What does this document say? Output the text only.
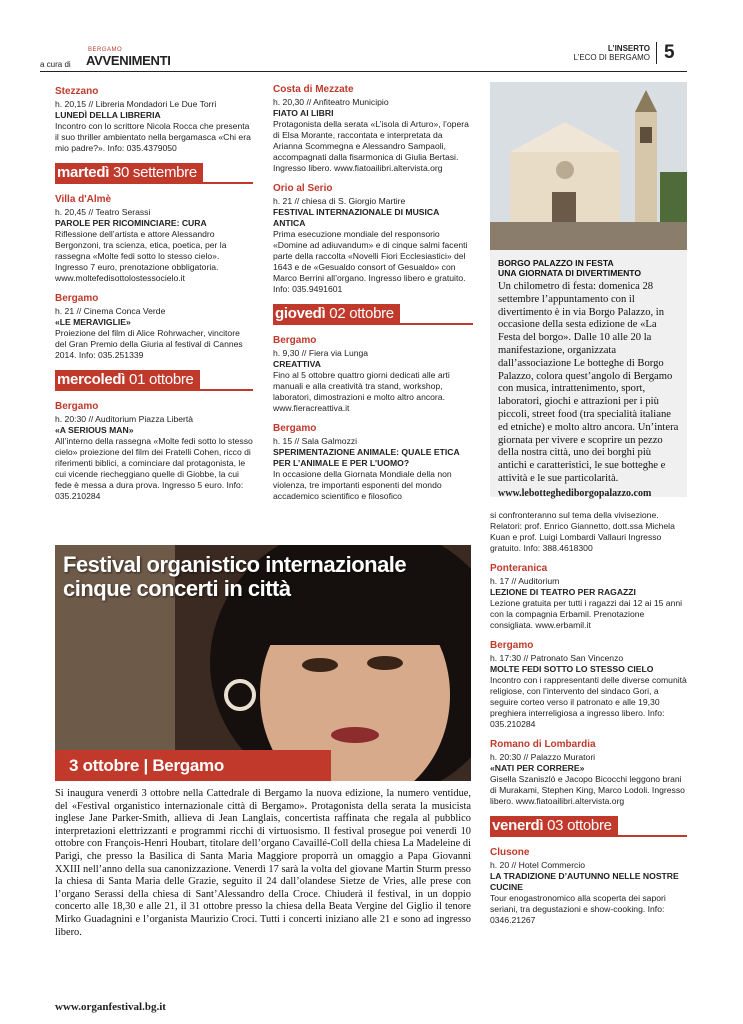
a cura di
BERGAMO
AVVENIMENTI
L’INSERTO
L’ECO DI BERGAMO 5
Stezzano
h. 20,15 // Libreria Mondadori Le Due Torri
LUNEDÌ DELLA LIBRERIA
Incontro con lo scrittore Nicola Rocca che presenta il suo thriller ambientato nella bergamasca «Chi era mio padre?». Info: 035.4379050
martedì 30 settembre
Villa d'Almè
h. 20,45 // Teatro Serassi
PAROLE PER RICOMINCIARE: CURA
Riflessione dell’artista e attore Alessandro Bergonzoni, tra scienza, etica, poetica, per la rassegna «Molte fedi sotto lo stesso cielo». Ingresso 7 euro, prenotazione obbligatoria. www.moltefedisottolostessocielo.it
Bergamo
h. 21 // Cinema Conca Verde
«LE MERAVIGLIE»
Proiezione del film di Alice Rohrwacher, vincitore del Gran Premio della Giuria al festival di Cannes 2014. Info: 035.251339
mercoledì 01 ottobre
Bergamo
h. 20:30 // Auditorium Piazza Libertà
«A SERIOUS MAN»
All’interno della rassegna «Molte fedi sotto lo stesso cielo» proiezione del film dei Fratelli Cohen, ricco di riferimenti biblici, a cominciare dal protagonista, le cui vicende riecheggiano quelle di Giobbe, la cui fede è messa a dura prova. Ingresso 5 euro. Info: 035.210284
Costa di Mezzate
h. 20,30 // Anfiteatro Municipio
FIATO AI LIBRI
Protagonista della serata «L’isola di Arturo», l’opera di Elsa Morante, raccontata e interpretata da Arianna Scommegna e Alessandro Sampaoli, accompagnati dalla fisarmonica di Giulia Bertasi. Ingresso libero. www.fiatoailibri.altervista.org
Orio al Serio
h. 21 // chiesa di S. Giorgio Martire
FESTIVAL INTERNAZIONALE DI MUSICA ANTICA
Prima esecuzione mondiale del responsorio «Domine ad adiuvandum» e di cinque salmi facenti parte della raccolta «Novelli Fiori Ecclesiastici» del 1643 e de «Gesualdo consort of Gesualdo» con Marco Berrini all’organo. Ingresso libero e gratuito. Info: 035.9491601
giovedì 02 ottobre
Bergamo
h. 9,30 // Fiera via Lunga
CREATTIVA
Fino al 5 ottobre quattro giorni dedicati alle arti manuali e alla creatività tra stand, workshop, laboratori, dimostrazioni e molto altro ancora. www.fieracreattiva.it
Bergamo
h. 15 // Sala Galmozzi
SPERIMENTAZIONE ANIMALE: QUALE ETICA PER L’ANIMALE E PER L’UOMO?
In occasione della Giornata Mondiale della non violenza, tre importanti esponenti del mondo accademico scientifico e filosofico
BORGO PALAZZO IN FESTA
UNA GIORNATA DI DIVERTIMENTO
Un chilometro di festa: domenica 28 settembre l’appuntamento con il divertimento è in via Borgo Palazzo, in occasione della sesta edizione de «La Festa del borgo». Dalle 10 alle 20 la manifestazione, organizzata dall’associazione Le botteghe di Borgo Palazzo, colora quest’angolo di Bergamo con musica, intrattenimento, sport, laboratori, giochi e attrazioni per i più piccoli, street food (tra specialità italiane ed etniche) e molto altro ancora. Un’intera giornata per vivere e scoprire un pezzo della nostra città, uno dei borghi più antichi e caratteristici, le sue botteghe e attività e le sue particolarità.
www.lebotteghediborgopalazzo.com
si confronteranno sul tema della vivisezione. Relatori: prof. Enrico Giannetto, dott.ssa Michela Kuan e prof. Luigi Lombardi Vallauri Ingresso gratuito. Info: 388.4618300
Ponteranica
h. 17 // Auditorium
LEZIONE DI TEATRO PER RAGAZZI
Lezione gratuita per tutti i ragazzi dai 12 ai 15 anni con la compagnia Erbamil. Prenotazione consigliata. www.erbamil.it
Bergamo
h. 17:30 // Patronato San Vincenzo
MOLTE FEDI SOTTO LO STESSO CIELO
Incontro con i rappresentanti delle diverse comunità religiose, con l’intervento del sindaco Gori, a seguire corteo verso il patronato e alle 19,30 preghiera interreligiosa a ingresso libero. Info: 035.210284
Romano di Lombardia
h. 20:30 // Palazzo Muratori
«NATI PER CORRERE»
Gisella Szaniszló e Jacopo Bicocchi leggono brani di Murakami, Stephen King, Marco Lodoli. Ingresso libero. www.fiatoailibri.altervista.org
venerdì 03 ottobre
Clusone
h. 20 // Hotel Commercio
LA TRADIZIONE D’AUTUNNO NELLE NOSTRE CUCINE
Tour enogastronomico alla scoperta dei sapori seriani, tra degustazioni e show-cooking. Info: 0346.21267
Festival organistico internazionale
cinque concerti in città
3 ottobre | Bergamo
Si inaugura venerdì 3 ottobre nella Cattedrale di Bergamo la nuova edizione, la numero ventidue, del «Festival organistico internazionale città di Bergamo». Protagonista della serata la musicista inglese Jane Parker-Smith, allieva di Jean Langlais, concertista raffinata che regala al pubblico interpretazioni elettrizzanti e programmi ricchi di virtuosismo. Il festival prosegue poi venerdì 10 ottobre con François-Henri Houbart, titolare dell’organo Cavaillé-Coll della chiesa La Madeleine di Parigi, che presso la Basilica di Santa Maria Maggiore proporrà un omaggio a Papa Giovanni XXIII nell’anno della sua canonizzazione. Venerdì 17 sarà la volta del giovane Martin Sturm presso la chiesa di Santa Maria delle Grazie, seguito il 24 dall’olandese Sietze de Vries, alle prese con l’organo Serassi della chiesa di Sant’Alessandro della Croce. Chiuderà il festival, in un doppio concerto alle 18,30 e alle 21, il 31 ottobre presso la chiesa della Beata Vergine del Giglio il tenore Mirko Guadagnini e l’organista Maurizio Croci. Tutti i concerti iniziano alle 21 e sono ad ingresso libero.
www.organfestival.bg.it
